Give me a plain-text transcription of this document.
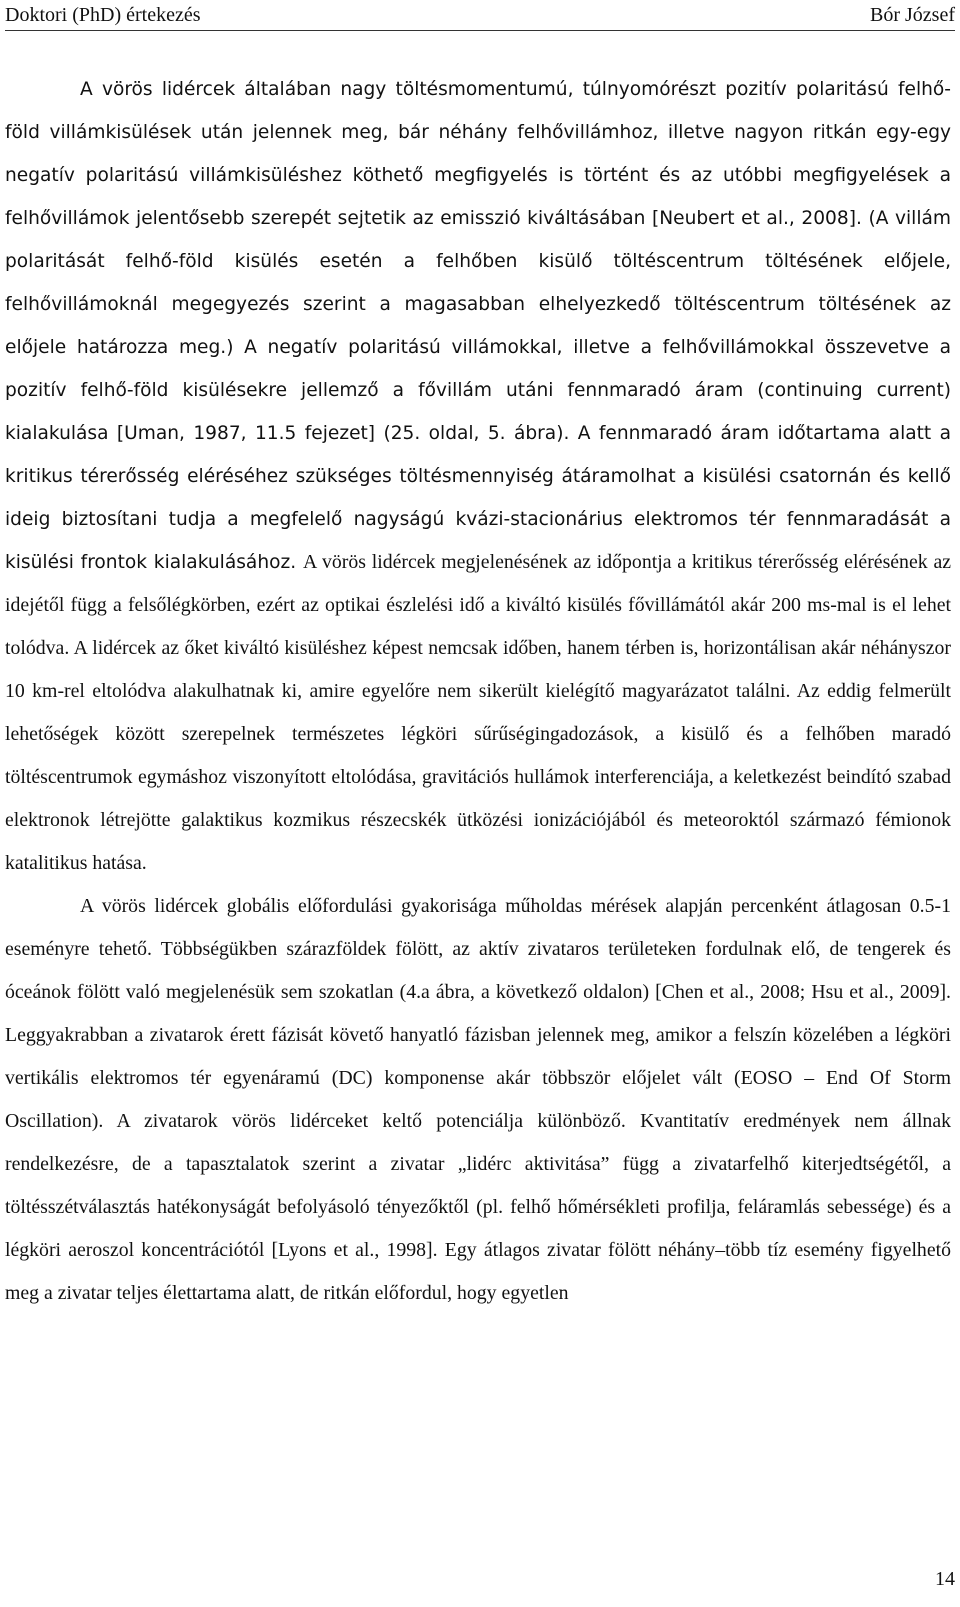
Doktori (PhD) értekezés	Bór József

A vörös lidércek általában nagy töltésmomentumú, túlnyomórészt pozitív polaritású felhő-föld villámkisülések után jelennek meg, bár néhány felhővillámhoz, illetve nagyon ritkán egy-egy negatív polaritású villámkisüléshez köthető megfigyelés is történt és az utóbbi megfigyelések a felhővillámok jelentősebb szerepét sejtetik az emisszió kiváltásában [Neubert et al., 2008]. (A villám polaritását felhő-föld kisülés esetén a felhőben kisülő töltéscentrum töltésének előjele, felhővillámoknál megegyezés szerint a magasabban elhelyezkedő töltéscentrum töltésének az előjele határozza meg.) A negatív polaritású villámokkal, illetve a felhővillámokkal összevetve a pozitív felhő-föld kisülésekre jellemző a fővillám utáni fennmaradó áram (continuing current) kialakulása [Uman, 1987, 11.5 fejezet] (25. oldal, 5. ábra). A fennmaradó áram időtartama alatt a kritikus térerősség eléréséhez szükséges töltésmennyiség átáramolhat a kisülési csatornán és kellő ideig biztosítani tudja a megfelelő nagyságú kvázi-stacionárius elektromos tér fennmaradását a kisülési frontok kialakulásához. A vörös lidércek megjelenésének az időpontja a kritikus térerősség elérésének az idejétől függ a felsőlégkörben, ezért az optikai észlelési idő a kiváltó kisülés fővillámától akár 200 ms-mal is el lehet tolódva. A lidércek az őket kiváltó kisüléshez képest nemcsak időben, hanem térben is, horizontálisan akár néhányszor 10 km-rel eltolódva alakulhatnak ki, amire egyelőre nem sikerült kielégítő magyarázatot találni. Az eddig felmerült lehetőségek között szerepelnek természetes légköri sűrűségingadozások, a kisülő és a felhőben maradó töltéscentrumok egymáshoz viszonyított eltolódása, gravitációs hullámok interferenciája, a keletkezést beindító szabad elektronok létrejötte galaktikus kozmikus részecskék ütközési ionizációjából és meteoroktól származó fémionok katalitikus hatása.

A vörös lidércek globális előfordulási gyakorisága műholdas mérések alapján percenként átlagosan 0.5-1 eseményre tehető. Többségükben szárazföldek fölött, az aktív zivataros területeken fordulnak elő, de tengerek és óceánok fölött való megjelenésük sem szokatlan (4.a ábra, a következő oldalon) [Chen et al., 2008; Hsu et al., 2009]. Leggyakrabban a zivatarok érett fázisát követő hanyatló fázisban jelennek meg, amikor a felszín közelében a légköri vertikális elektromos tér egyenáramú (DC) komponense akár többször előjelet vált (EOSO – End Of Storm Oscillation). A zivatarok vörös lidérceket keltő potenciálja különböző. Kvantitatív eredmények nem állnak rendelkezésre, de a tapasztalatok szerint a zivatar „lidérc aktivitása” függ a zivatarfelhő kiterjedtségétől, a töltésszétválasztás hatékonyságát befolyásoló tényezőktől (pl. felhő hőmérsékleti profilja, feláramlás sebessége) és a légköri aeroszol koncentrációtól [Lyons et al., 1998]. Egy átlagos zivatar fölött néhány–több tíz esemény figyelhető meg a zivatar teljes élettartama alatt, de ritkán előfordul, hogy egyetlen

14
